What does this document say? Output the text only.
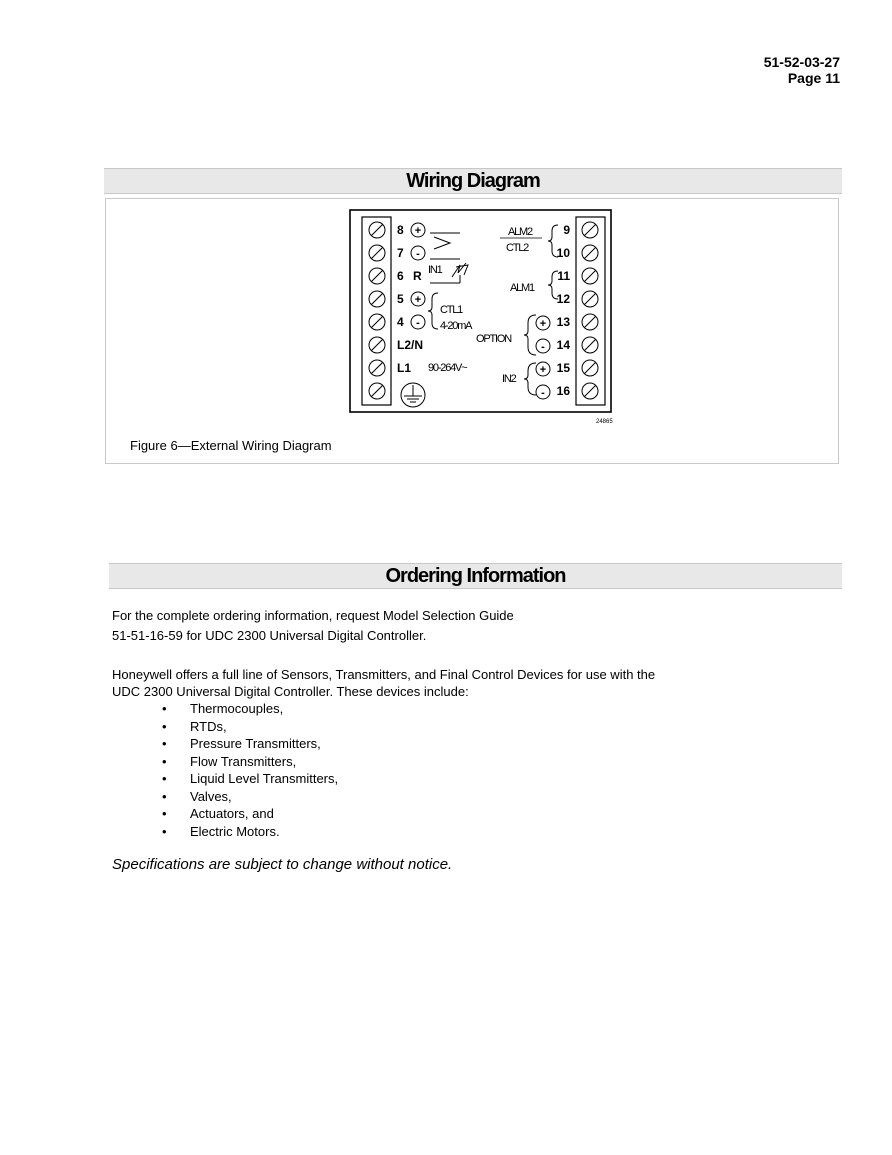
51-52-03-27
Page 11
Wiring Diagram
8 +
7 -
6 R
5 +
4 -
L2/N
L1
9
10
11
12
13
14
15
16
+
-
+
-
ALM2
CTL2
IN1
ALM1
CTL1
4-20mA
OPTION
90-264V~
IN2
24865
Figure 6—External Wiring Diagram
Ordering Information
For the complete ordering information, request Model Selection Guide
51-51-16-59 for UDC 2300 Universal Digital Controller.
Honeywell offers a full line of Sensors, Transmitters, and Final Control Devices for use with the
UDC 2300 Universal Digital Controller. These devices include:
• Thermocouples,
• RTDs,
• Pressure Transmitters,
• Flow Transmitters,
• Liquid Level Transmitters,
• Valves,
• Actuators, and
• Electric Motors.
Specifications are subject to change without notice.
